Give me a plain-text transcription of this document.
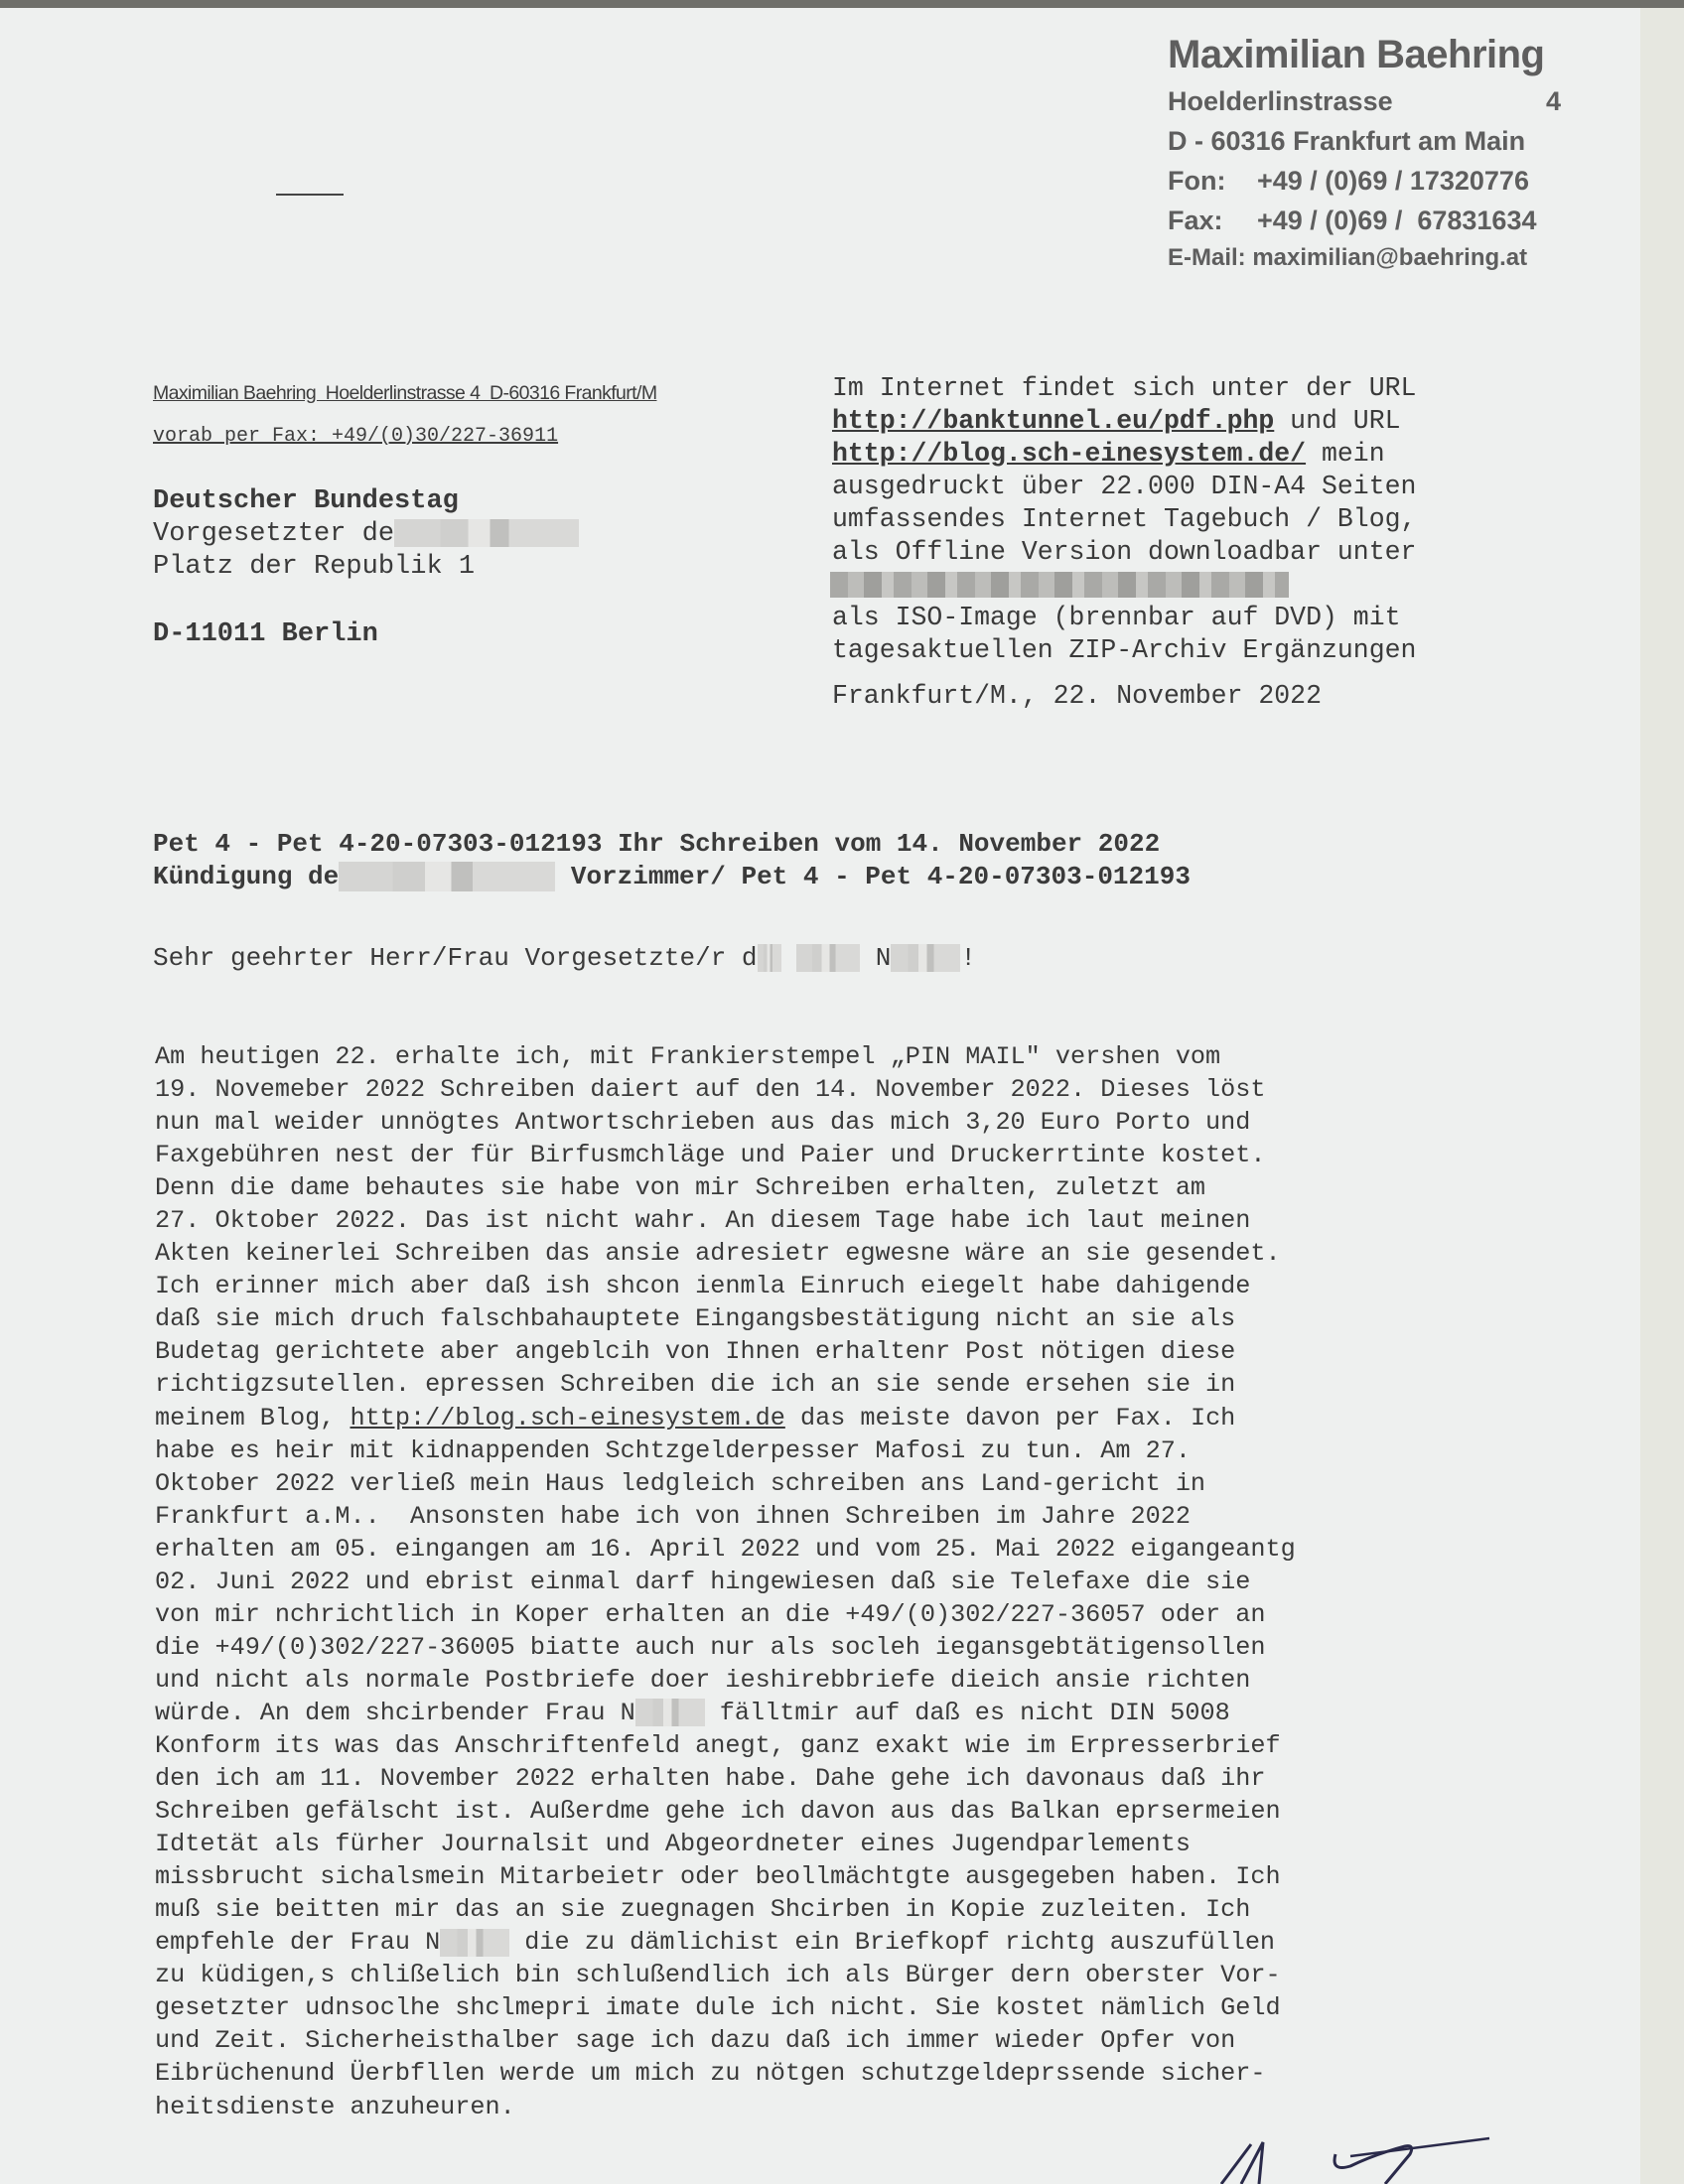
Maximilian Baehring
Hoelderlinstrasse	4
D - 60316 Frankfurt am Main
Fon: +49 / (0)69 / 17320776
Fax: +49 / (0)69 /  67831634
E-Mail: maximilian@baehring.at
Maximilian Baehring  Hoelderlinstrasse 4  D-60316 Frankfurt/M
vorab per Fax: +49/(0)30/227-36911
Deutscher Bundestag
Vorgesetzter de
Platz der Republik 1
D-11011 Berlin
Im Internet findet sich unter der URL
http://banktunnel.eu/pdf.php und URL
http://blog.sch-einesystem.de/ mein
ausgedruckt über 22.000 DIN-A4 Seiten
umfassendes Internet Tagebuch / Blog,
als Offline Version downloadbar unter
als ISO-Image (brennbar auf DVD) mit
tagesaktuellen ZIP-Archiv Ergänzungen
Frankfurt/M., 22. November 2022
Pet 4 - Pet 4-20-07303-012193 Ihr Schreiben vom 14. November 2022
Kündigung de	Vorzimmer/ Pet 4 - Pet 4-20-07303-012193
Sehr geehrter Herr/Frau Vorgesetzte/r d	N	!
Am heutigen 22. erhalte ich, mit Frankierstempel „PIN MAIL" vershen vom
19. Novemeber 2022 Schreiben daiert auf den 14. November 2022. Dieses löst
nun mal weider unnögtes Antwortschrieben aus das mich 3,20 Euro Porto und
Faxgebühren nest der für Birfusmchläge und Paier und Druckerrtinte kostet.
Denn die dame behautes sie habe von mir Schreiben erhalten, zuletzt am
27. Oktober 2022. Das ist nicht wahr. An diesem Tage habe ich laut meinen
Akten keinerlei Schreiben das ansie adresietr egwesne wäre an sie gesendet.
Ich erinner mich aber daß ish shcon ienmla Einruch eiegelt habe dahigende
daß sie mich druch falschbahauptete Eingangsbestätigung nicht an sie als
Budetag gerichtete aber angeblcih von Ihnen erhaltenr Post nötigen diese
richtigzsutellen. epressen Schreiben die ich an sie sende ersehen sie in
meinem Blog, http://blog.sch-einesystem.de das meiste davon per Fax. Ich
habe es heir mit kidnappenden Schtzgelderpesser Mafosi zu tun. Am 27.
Oktober 2022 verließ mein Haus ledgleich schreiben ans Land-gericht in
Frankfurt a.M..  Ansonsten habe ich von ihnen Schreiben im Jahre 2022
erhalten am 05. eingangen am 16. April 2022 und vom 25. Mai 2022 eigangeantg
02. Juni 2022 und ebrist einmal darf hingewiesen daß sie Telefaxe die sie
von mir nchrichtlich in Koper erhalten an die +49/(0)302/227-36057 oder an
die +49/(0)302/227-36005 biatte auch nur als socleh iegansgebtätigensollen
und nicht als normale Postbriefe doer ieshirebbriefe dieich ansie richten
würde. An dem shcirbender Frau N	fälltmir auf daß es nicht DIN 5008
Konform its was das Anschriftenfeld anegt, ganz exakt wie im Erpresserbrief
den ich am 11. November 2022 erhalten habe. Dahe gehe ich davonaus daß ihr
Schreiben gefälscht ist. Außerdme gehe ich davon aus das Balkan eprsermeien
Idtetät als fürher Journalsit und Abgeordneter eines Jugendparlements
missbrucht sichalsmein Mitarbeietr oder beollmächtgte ausgegeben haben. Ich
muß sie beitten mir das an sie zuegnagen Shcirben in Kopie zuzleiten. Ich
empfehle der Frau N	die zu dämlichist ein Briefkopf richtg auszufüllen
zu küdigen,s chlißelich bin schlußendlich ich als Bürger dern oberster Vor-
gesetzter udnsoclhe shclmepri imate dule ich nicht. Sie kostet nämlich Geld
und Zeit. Sicherheisthalber sage ich dazu daß ich immer wieder Opfer von
Eibrüchenund Üerbfllen werde um mich zu nötgen schutzgeldeprssende sicher-
heitsdienste anzuheuren.
